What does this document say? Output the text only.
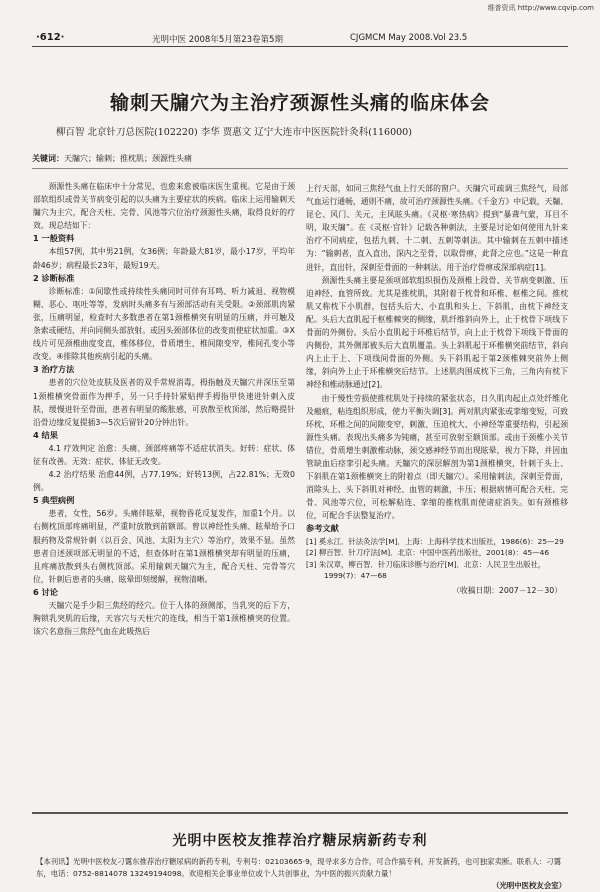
维普资讯 http://www.cqvip.com
·612·	光明中医 2008年5月第23卷第5期	CJGMCM May 2008.Vol 23.5
输刺天牖穴为主治疗颈源性头痛的临床体会
柳百智 北京针刀总医院(102220) 李华 贾惠文 辽宁大连市中医医院针灸科(116000)
关键词：天牖穴；输刺；推枕肌；颈源性头痛

颈源性头痛在临床中十分常见，也愈来愈被临床医生重视。它是由于颈部软组织或骨关节病变引起的以头痛为主要症状的疾病。临床上运用输刺天牖穴为主穴，配合天柱、完骨、风池等穴位治疗颈源性头痛，取得良好的疗效。现总结如下：

1 一般资料

本组57例，其中男21例，女36例；年龄最大81岁，最小17岁，平均年龄46岁；病程最长23年，最短19天。

2 诊断标准

诊断标准：①间歇性或持续性头痛同时可伴有耳鸣、听力减退、视物模糊、恶心、呕吐等等，发病时头痛多有与颈部活动有关受限。②颈部肌肉紧张，压痛明显，检查时大多数患者在第1颈椎横突有明显的压痛，并可触及条索或硬结，并向同侧头部放射。或因头颈部体位的改变而使症状加重。③X线片可见颈椎曲度变直，椎体移位，骨质增生，椎间隙变窄，椎间孔变小等改变。④排除其他疾病引起的头痛。

3 治疗方法

患者的穴位处皮肤及医者的双手常规消毒，拇指触及天牖穴并深压至第1颈椎横突骨面作为押手，另一只手持针紧贴押手拇指甲快速进针刺入皮肤，缓慢进针至骨面，患者有明显的酸胀感，可放散至枕顶部，然后略提针沿骨边缘反复提插3—5次后留针20分钟出针。

4 结果

4.1 疗效判定 治愈：头痛、颈部疼痛等不适症状消失。好转：症状、体征有改善。无效：症状、体征无改变。

4.2 治疗结果 治愈44例，占77.19%；好转13例，占22.81%；无效0例。

5 典型病例

患者，女性，56岁。头痛伴眩晕，视物昏花反复发作，加重1个月。以右侧枕顶部疼痛明显，严重时放散到前额部。曾以神经性头痛、眩晕给予口服药物及常规针刺（以百会、风池、太阳为主穴）等治疗，效果不显。虽然患者自述颈项部无明显的不适，但查体时在第1颈椎横突却有明显的压痛，且疼痛放散到头右侧枕顶部。采用输刺天牖穴为主，配合天柱、完骨等穴位，针刺后患者的头痛、眩晕即刻缓解，视物清晰。

6 讨论

天牖穴是手少阳三焦经的经穴。位于人体的颈侧部，当乳突的后下方，胸锁乳突肌的后缘，天容穴与天柱穴的连线，相当于第1颈椎横突的位置。该穴名意指三焦经气血在此吸热后

上行天部，如同三焦经气血上行天部的窗户。天牖穴可疏调三焦经气，局部气血运行通畅，通则不痛，故可治疗颈源性头痛。《千金方》中记载，天牖、昆仑、风门、关元，主风眩头痛。《灵枢·寒热病》提到“暴聋气蒙，耳目不明，取天牖”。在《灵枢·官针》记载各种刺法，主要是讨论如何使用九针来治疗不同病症，包括九刺、十二刺、五刺等刺法。其中输刺在五刺中描述为：“输刺者，直入直出，深内之至骨，以取骨痹，此肾之应也。”这是一种直进针，直出针，深刺至骨面的一种刺法。用于治疗骨痹或深部病症[1]。

颈源性头痛主要是颈项部软组织损伤及颈椎上段骨、关节病变刺激、压迫神经、血管所致。尤其是推枕肌，其附着于枕骨和环椎、枢椎之间。推枕肌又称枕下小肌群，包括头后大、小直肌和头上、下斜肌，由枕下神经支配。头后大直肌起于枢椎棘突的侧缘，肌纤维斜向外上，止于枕骨下项线下骨面的外侧份。头后小直肌起于环椎后结节，向上止于枕骨下项线下骨面的内侧份，其外侧部被头后大直肌覆盖。头上斜肌起于环椎横突前结节，斜向内上止于上、下项线间骨面的外侧。头下斜肌起于第2颈椎棘突前外上侧缘，斜向外上止于环椎横突后结节。上述肌肉围成枕下三角，三角内有枕下神经和椎动脉通过[2]。

由于慢性劳损使推枕肌处于持续的紧张状态，日久肌肉起止点处纤维化及瘢痕，粘连组织形成，使力平衡失调[3]。两对肌肉紧张或挛缩变短，可致环枕、环椎之间的间隙变窄，刺激、压迫枕大、小神经等重要结构，引起颈源性头痛。表现出头痛多为钝痛，甚至可放射至额顶部。或由于颈椎小关节错位，骨质增生刺激椎动脉，颈交感神经节而出现眩晕，视力下降，并因血管缺血后痉挛引起头痛。天牖穴的深层解剖为第1颈椎横突，针刺于头上、下斜肌在第1颈椎横突上的附着点（即天牖穴）。采用输刺法，深刺至骨面，消除头上、头下斜肌对神经、血管的刺激，卡压；根据病情可配合天柱、完骨、风池等穴位，可松解粘连、挛缩的推枕肌而使诸症消失。如有颈椎移位，可配合手法整复治疗。

参考文献
[1] 奚永江．针法灸法学[M]．上海：上海科学技术出版社，1986(6)：25—29
[2] 柳百智．针刀疗法[M]．北京：中国中医药出版社，2001(8)：45—46
[3] 朱汉章，柳百智．针刀临床诊断与治疗[M]．北京：人民卫生出版社，1999(7)：47—68
（收稿日期：2007－12－30）
光明中医校友推荐治疗糖尿病新药专利
【本刊讯】光明中医校友刁霭东推荐治疗糖尿病的新药专利，专利号：02103665·9，现寻求多方合作，可合作搞专利，开发新药，也可独家卖断。联系人：刁霭东，电话：0752-8814078 13249194098。欢迎相关企事业单位或个人共创事业，为中医的振兴贡献力量！
（光明中医校友会室）
